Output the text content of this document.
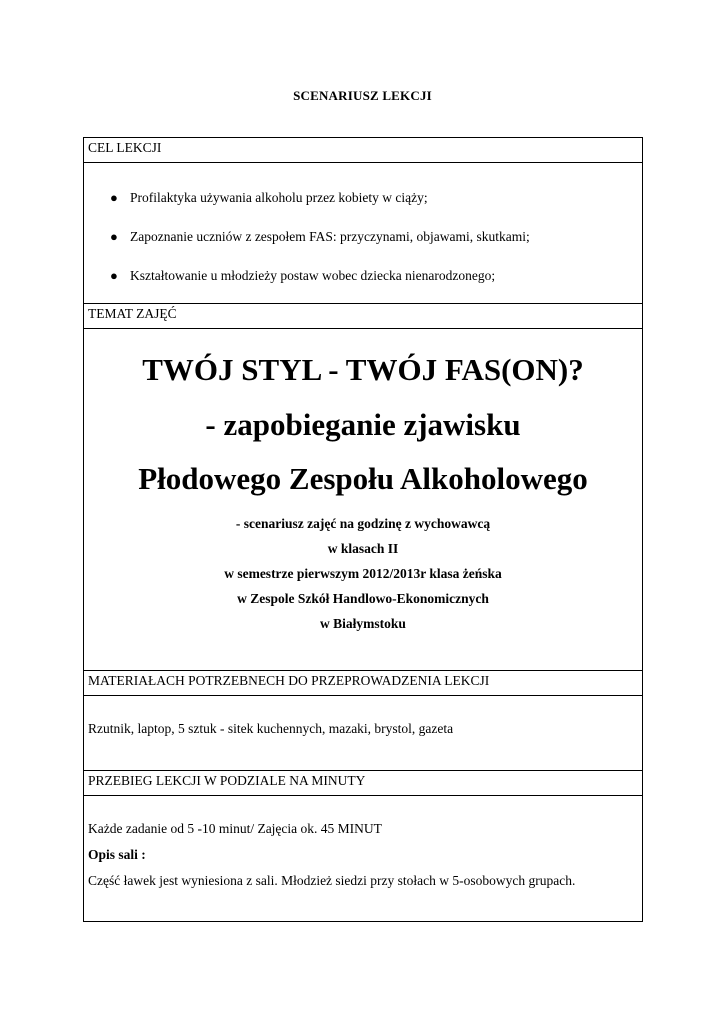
SCENARIUSZ LEKCJI
CEL LEKCJI
● Profilaktyka używania alkoholu przez kobiety w ciąży;
● Zapoznanie uczniów z zespołem FAS: przyczynami, objawami, skutkami;
● Kształtowanie u młodzieży postaw wobec dziecka nienarodzonego;
TEMAT ZAJĘĆ
TWÓJ STYL - TWÓJ FAS(ON)?
- zapobieganie zjawisku
Płodowego Zespołu Alkoholowego
- scenariusz zajęć na godzinę z wychowawcą
w klasach II
w semestrze pierwszym 2012/2013r klasa żeńska
w Zespole Szkół Handlowo-Ekonomicznych
w Białymstoku
MATERIAŁACH POTRZEBNECH DO PRZEPROWADZENIA LEKCJI
Rzutnik, laptop, 5 sztuk - sitek kuchennych, mazaki, brystol, gazeta
PRZEBIEG LEKCJI W PODZIALE NA MINUTY
Każde zadanie od 5 -10 minut/ Zajęcia ok. 45 MINUT
Opis sali :
Część ławek jest wyniesiona z sali. Młodzież siedzi przy stołach w 5-osobowych grupach.
